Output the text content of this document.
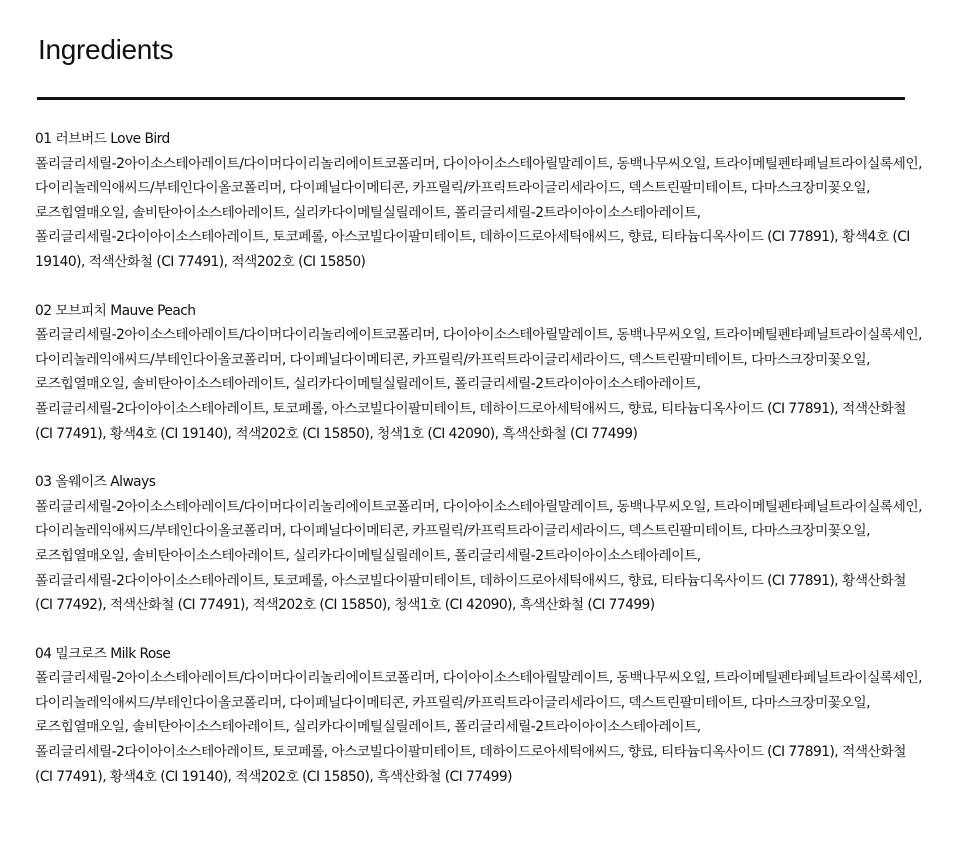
Ingredients
01 러브버드 Love Bird
폴리글리세릴-2아이소스테아레이트/다이머다이리놀리에이트코폴리머, 다이아이소스테아릴말레이트, 동백나무씨오일, 트라이메틸펜타페닐트라이실록세인, 다이리놀레익애씨드/부테인다이올코폴리머, 다이페닐다이메티콘, 카프릴릭/카프릭트라이글리세라이드, 덱스트린팔미테이트, 다마스크장미꽃오일, 로즈힙열매오일, 솔비탄아이소스테아레이트, 실리카다이메틸실릴레이트, 폴리글리세릴-2트라이아이소스테아레이트, 폴리글리세릴-2다이아이소스테아레이트, 토코페롤, 아스코빌다이팔미테이트, 데하이드로아세틱애씨드, 향료, 티타늄디옥사이드 (CI 77891), 황색4호 (CI 19140), 적색산화철 (CI 77491), 적색202호 (CI 15850)
02 모브피치 Mauve Peach
폴리글리세릴-2아이소스테아레이트/다이머다이리놀리에이트코폴리머, 다이아이소스테아릴말레이트, 동백나무씨오일, 트라이메틸펜타페닐트라이실록세인, 다이리놀레익애씨드/부테인다이올코폴리머, 다이페닐다이메티콘, 카프릴릭/카프릭트라이글리세라이드, 덱스트린팔미테이트, 다마스크장미꽃오일, 로즈힙열매오일, 솔비탄아이소스테아레이트, 실리카다이메틸실릴레이트, 폴리글리세릴-2트라이아이소스테아레이트, 폴리글리세릴-2다이아이소스테아레이트, 토코페롤, 아스코빌다이팔미테이트, 데하이드로아세틱애씨드, 향료, 티타늄디옥사이드 (CI 77891), 적색산화철 (CI 77491), 황색4호 (CI 19140), 적색202호 (CI 15850), 청색1호 (CI 42090), 흑색산화철 (CI 77499)
03 올웨이즈 Always
폴리글리세릴-2아이소스테아레이트/다이머다이리놀리에이트코폴리머, 다이아이소스테아릴말레이트, 동백나무씨오일, 트라이메틸펜타페닐트라이실록세인, 다이리놀레익애씨드/부테인다이올코폴리머, 다이페닐다이메티콘, 카프릴릭/카프릭트라이글리세라이드, 덱스트린팔미테이트, 다마스크장미꽃오일, 로즈힙열매오일, 솔비탄아이소스테아레이트, 실리카다이메틸실릴레이트, 폴리글리세릴-2트라이아이소스테아레이트, 폴리글리세릴-2다이아이소스테아레이트, 토코페롤, 아스코빌다이팔미테이트, 데하이드로아세틱애씨드, 향료, 티타늄디옥사이드 (CI 77891), 황색산화철 (CI 77492), 적색산화철 (CI 77491), 적색202호 (CI 15850), 청색1호 (CI 42090), 흑색산화철 (CI 77499)
04 밀크로즈 Milk Rose
폴리글리세릴-2아이소스테아레이트/다이머다이리놀리에이트코폴리머, 다이아이소스테아릴말레이트, 동백나무씨오일, 트라이메틸펜타페닐트라이실록세인, 다이리놀레익애씨드/부테인다이올코폴리머, 다이페닐다이메티콘, 카프릴릭/카프릭트라이글리세라이드, 덱스트린팔미테이트, 다마스크장미꽃오일, 로즈힙열매오일, 솔비탄아이소스테아레이트, 실리카다이메틸실릴레이트, 폴리글리세릴-2트라이아이소스테아레이트, 폴리글리세릴-2다이아이소스테아레이트, 토코페롤, 아스코빌다이팔미테이트, 데하이드로아세틱애씨드, 향료, 티타늄디옥사이드 (CI 77891), 적색산화철 (CI 77491), 황색4호 (CI 19140), 적색202호 (CI 15850), 흑색산화철 (CI 77499)
